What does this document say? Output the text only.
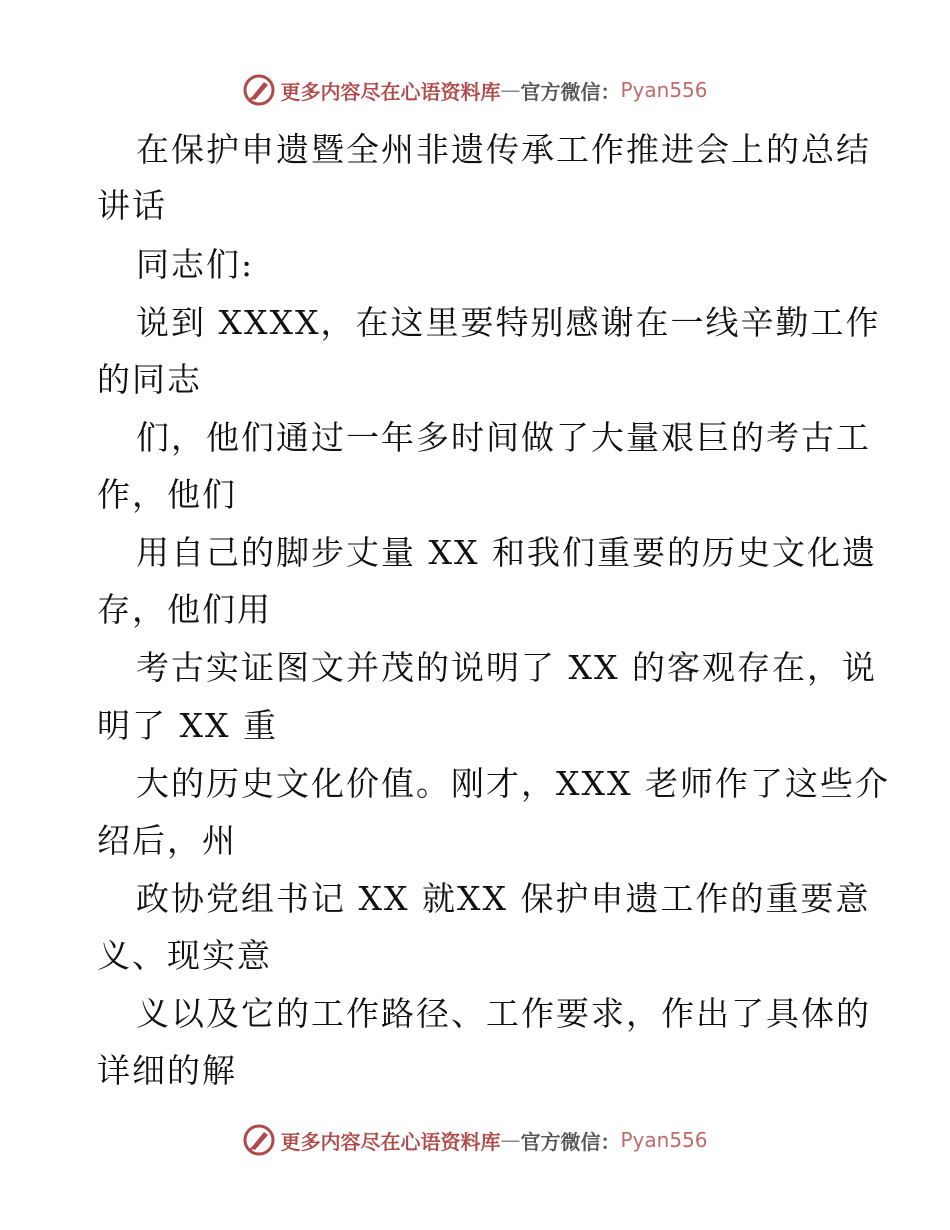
更多内容尽在心语资料库 — 官方微信： Pyan556
在保护申遗暨全州非遗传承工作推进会上的总结
讲话
同志们:
说到 XXXX，在这里要特别感谢在一线辛勤工作
的同志
们，他们通过一年多时间做了大量艰巨的考古工
作，他们
用自己的脚步丈量 XX 和我们重要的历史文化遗
存，他们用
考古实证图文并茂的说明了 XX 的客观存在，说
明了 XX 重
大的历史文化价值。刚才，XXX 老师作了这些介
绍后，州
政协党组书记 XX 就XX 保护申遗工作的重要意
义、现实意
义以及它的工作路径、工作要求，作出了具体的
详细的解
更多内容尽在心语资料库 — 官方微信： Pyan556
